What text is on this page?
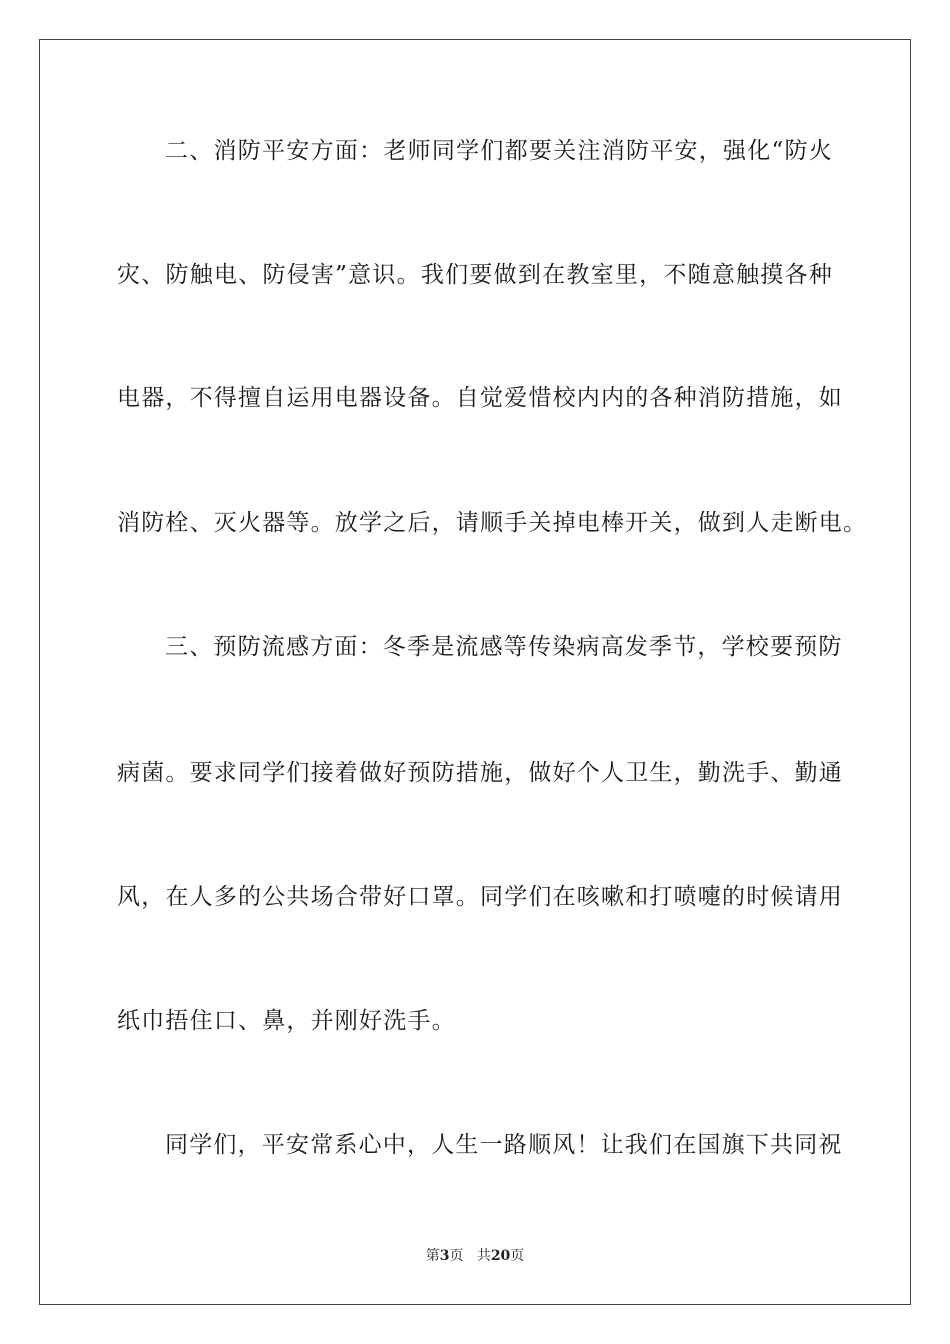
二、消防平安方面：老师同学们都要关注消防平安，强化“防火
灾、防触电、防侵害”意识。我们要做到在教室里，不随意触摸各种
电器，不得擅自运用电器设备。自觉爱惜校内内的各种消防措施，如
消防栓、灭火器等。放学之后，请顺手关掉电棒开关，做到人走断电。
三、预防流感方面：冬季是流感等传染病高发季节，学校要预防
病菌。要求同学们接着做好预防措施，做好个人卫生，勤洗手、勤通
风，在人多的公共场合带好口罩。同学们在咳嗽和打喷嚏的时候请用
纸巾捂住口、鼻，并刚好洗手。
同学们，平安常系心中，人生一路顺风！让我们在国旗下共同祝
第3页 共20页
